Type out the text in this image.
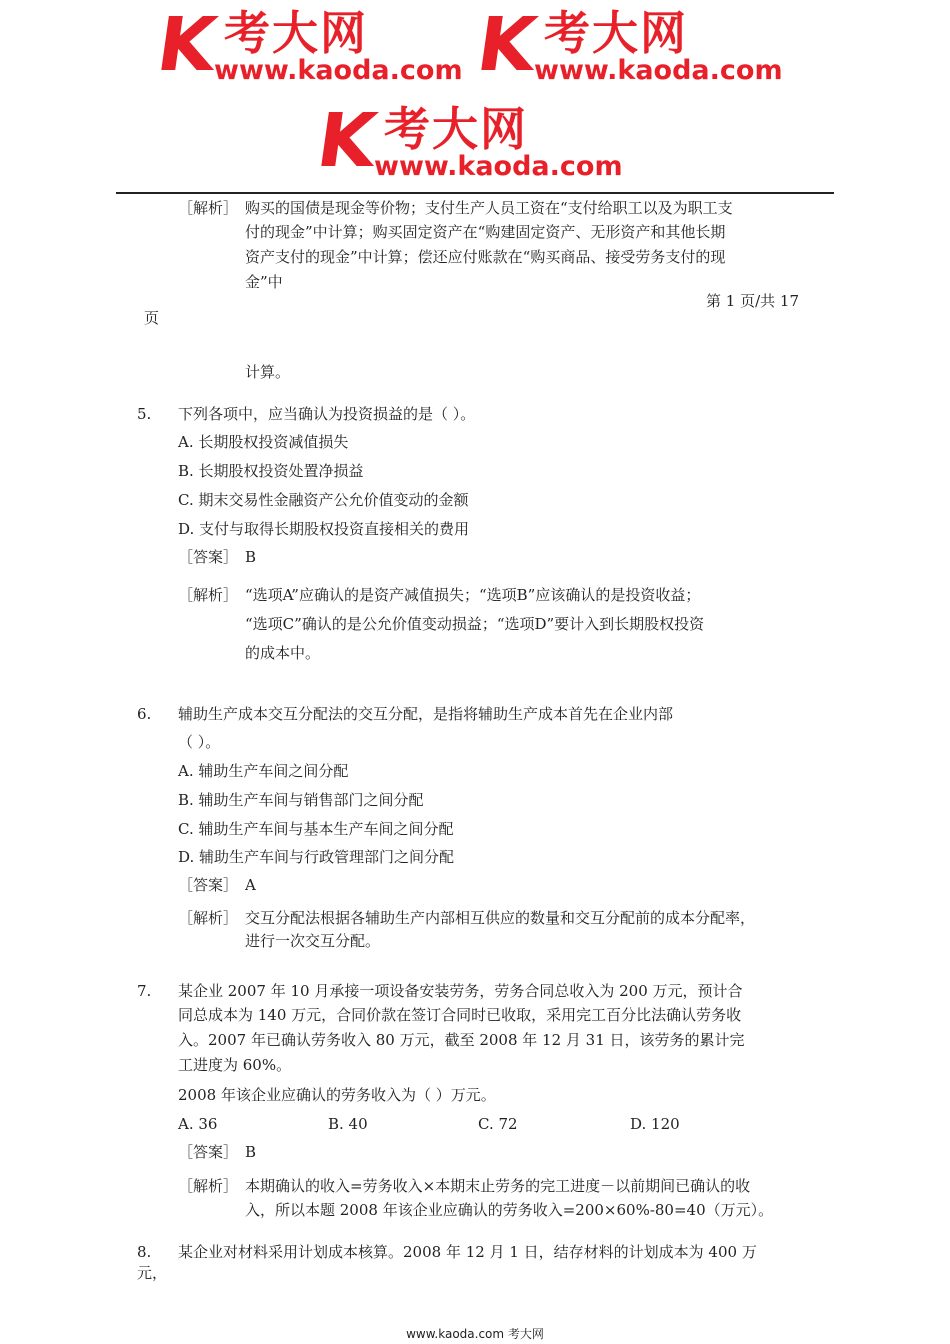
K 考大网
www.kaoda.com K 考大网
www.kaoda.com
K 考大网
www.kaoda.com
［解析］ 购买的国债是现金等价物；支付生产人员工资在“支付给职工以及为职工支
付的现金”中计算；购买固定资产在“购建固定资产、无形资产和其他长期
资产支付的现金”中计算；偿还应付账款在“购买商品、接受劳务支付的现
金”中
第 1 页/共 17
页
计算。
5. 下列各项中，应当确认为投资损益的是（ ）。
A. 长期股权投资减值损失
B. 长期股权投资处置净损益
C. 期末交易性金融资产公允价值变动的金额
D. 支付与取得长期股权投资直接相关的费用
［答案］ B
［解析］ “选项A”应确认的是资产减值损失；“选项B”应该确认的是投资收益；
“选项C”确认的是公允价值变动损益；“选项D”要计入到长期股权投资
的成本中。
6. 辅助生产成本交互分配法的交互分配，是指将辅助生产成本首先在企业内部
（ ）。
A. 辅助生产车间之间分配
B. 辅助生产车间与销售部门之间分配
C. 辅助生产车间与基本生产车间之间分配
D. 辅助生产车间与行政管理部门之间分配
［答案］ A
［解析］ 交互分配法根据各辅助生产内部相互供应的数量和交互分配前的成本分配率，
进行一次交互分配。
7. 某企业 2007 年 10 月承接一项设备安装劳务，劳务合同总收入为 200 万元，预计合
同总成本为 140 万元，合同价款在签订合同时已收取，采用完工百分比法确认劳务收
入。2007 年已确认劳务收入 80 万元，截至 2008 年 12 月 31 日，该劳务的累计完
工进度为 60%。
2008 年该企业应确认的劳务收入为（ ）万元。
A. 36	B. 40	C. 72	D. 120
［答案］ B
［解析］ 本期确认的收入=劳务收入×本期末止劳务的完工进度－以前期间已确认的收
入，所以本题 2008 年该企业应确认的劳务收入=200×60%-80=40（万元）。
8. 某企业对材料采用计划成本核算。2008 年 12 月 1 日，结存材料的计划成本为 400 万
元，
www.kaoda.com 考大网
